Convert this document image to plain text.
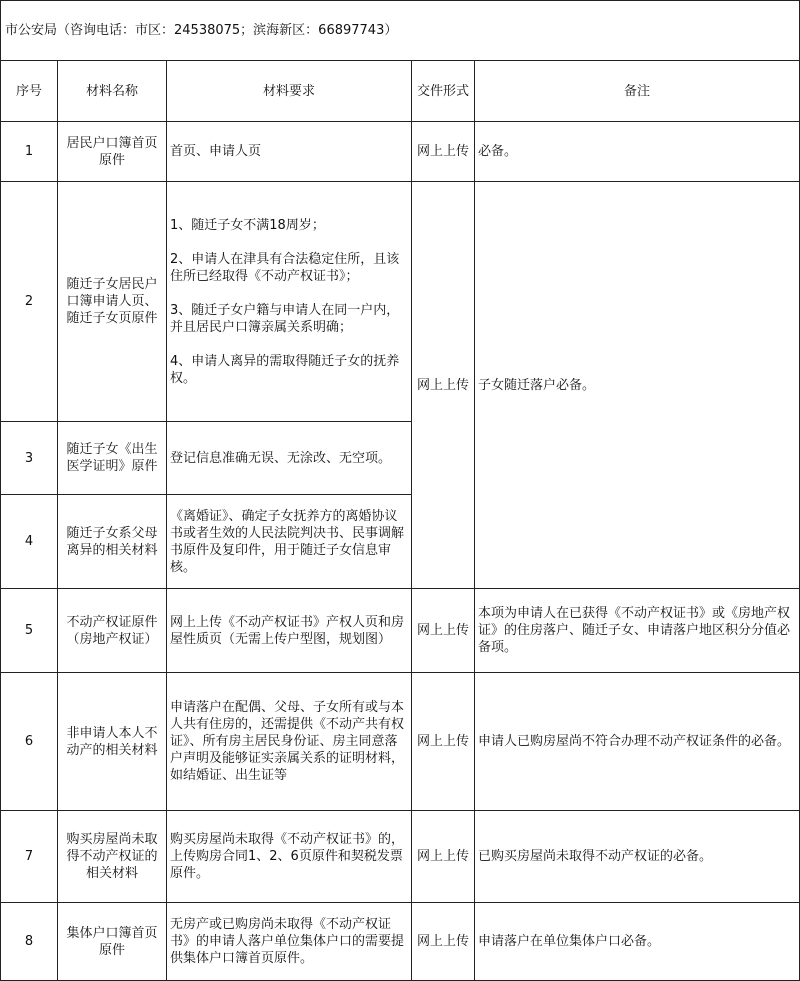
市公安局（咨询电话：市区：24538075；滨海新区：66897743）				
序号	材料名称	材料要求	交件形式	备注
1	居民户口簿首页原件	首页、申请人页	网上上传	必备。
2	随迁子女居民户口簿申请人页、随迁子女页原件	1、随迁子女不满18周岁；

2、申请人在津具有合法稳定住所，且该住所已经取得《不动产权证书》；

3、随迁子女户籍与申请人在同一户内，并且居民户口簿亲属关系明确；

4、申请人离异的需取得随迁子女的抚养权。	网上上传	子女随迁落户必备。
3	随迁子女《出生医学证明》原件	登记信息准确无误、无涂改、无空项。		
4	随迁子女系父母离异的相关材料	《离婚证》、确定子女抚养方的离婚协议书或者生效的人民法院判决书、民事调解书原件及复印件，用于随迁子女信息审核。		
5	不动产权证原件（房地产权证）	网上上传《不动产权证书》产权人页和房屋性质页（无需上传户型图，规划图）	网上上传	本项为申请人在已获得《不动产权证书》或《房地产权证》的住房落户、随迁子女、申请落户地区积分分值必备项。
6	非申请人本人不动产的相关材料	申请落户在配偶、父母、子女所有或与本人共有住房的，还需提供《不动产共有权证》、所有房主居民身份证、房主同意落户声明及能够证实亲属关系的证明材料，如结婚证、出生证等	网上上传	申请人已购房屋尚不符合办理不动产权证条件的必备。
7	购买房屋尚未取得不动产权证的相关材料	购买房屋尚未取得《不动产权证书》的，上传购房合同1、2、6页原件和契税发票原件。	网上上传	已购买房屋尚未取得不动产权证的必备。
8	集体户口簿首页原件	无房产或已购房尚未取得《不动产权证书》的申请人落户单位集体户口的需要提供集体户口簿首页原件。	网上上传	申请落户在单位集体户口必备。
